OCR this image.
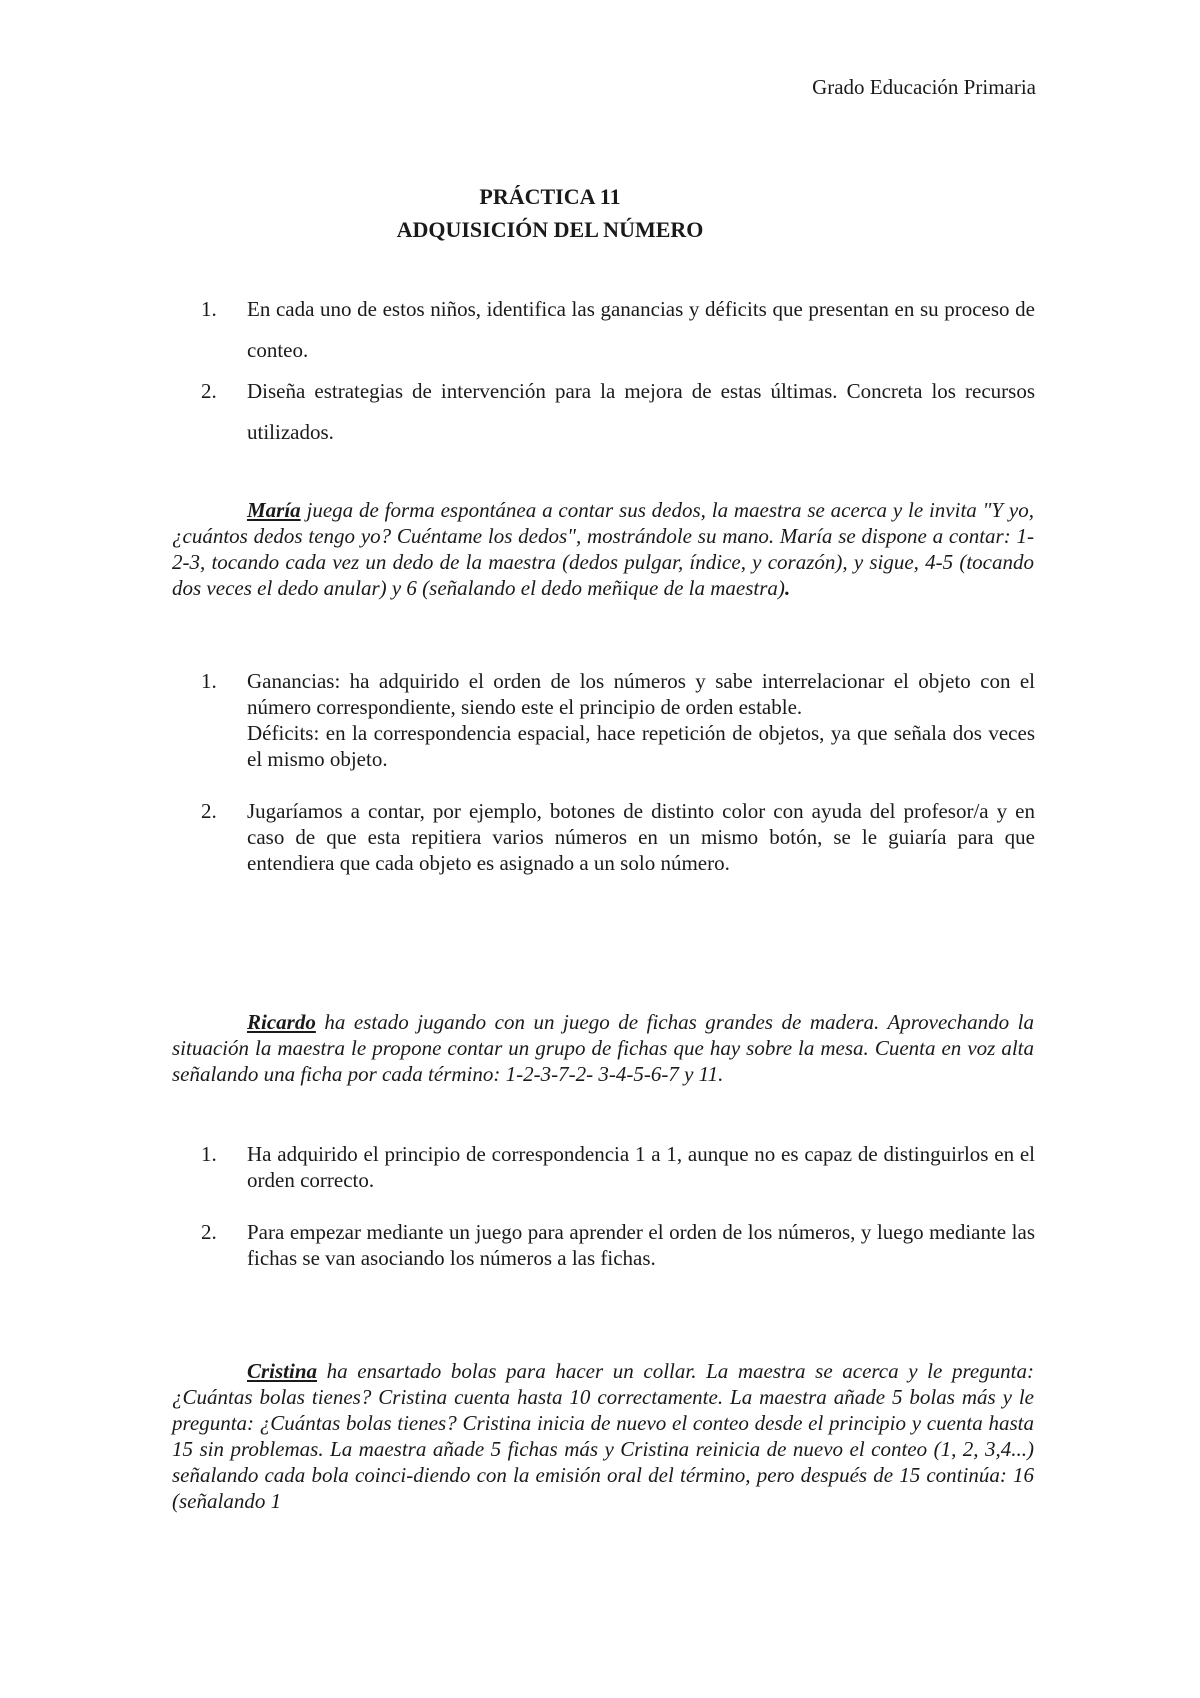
Grado Educación Primaria
PRÁCTICA 11
ADQUISICIÓN DEL NÚMERO
1. En cada uno de estos niños, identifica las ganancias y déficits que presentan en su proceso de conteo.
2. Diseña estrategias de intervención para la mejora de estas últimas. Concreta los recursos utilizados.

María juega de forma espontánea a contar sus dedos, la maestra se acerca y le invita "Y yo, ¿cuántos dedos tengo yo? Cuéntame los dedos", mostrándole su mano. María se dispone a contar: 1-2-3, tocando cada vez un dedo de la maestra (dedos pulgar, índice, y corazón), y sigue, 4-5 (tocando dos veces el dedo anular) y 6 (señalando el dedo meñique de la maestra).

1. Ganancias: ha adquirido el orden de los números y sabe interrelacionar el objeto con el número correspondiente, siendo este el principio de orden estable.

Déficits: en la correspondencia espacial, hace repetición de objetos, ya que señala dos veces el mismo objeto.

2. Jugaríamos a contar, por ejemplo, botones de distinto color con ayuda del profesor/a y en caso de que esta repitiera varios números en un mismo botón, se le guiaría para que entendiera que cada objeto es asignado a un solo número.

Ricardo ha estado jugando con un juego de fichas grandes de madera. Aprovechando la situación la maestra le propone contar un grupo de fichas que hay sobre la mesa. Cuenta en voz alta señalando una ficha por cada término: 1-2-3-7-2- 3-4-5-6-7 y 11.

1. Ha adquirido el principio de correspondencia 1 a 1, aunque no es capaz de distinguirlos en el orden correcto.

2. Para empezar mediante un juego para aprender el orden de los números, y luego mediante las fichas se van asociando los números a las fichas.

Cristina ha ensartado bolas para hacer un collar. La maestra se acerca y le pregunta: ¿Cuántas bolas tienes? Cristina cuenta hasta 10 correctamente. La maestra añade 5 bolas más y le pregunta: ¿Cuántas bolas tienes? Cristina inicia de nuevo el conteo desde el principio y cuenta hasta 15 sin problemas. La maestra añade 5 fichas más y Cristina reinicia de nuevo el conteo (1, 2, 3,4...) señalando cada bola coinci-diendo con la emisión oral del término, pero después de 15 continúa: 16 (señalando 1
